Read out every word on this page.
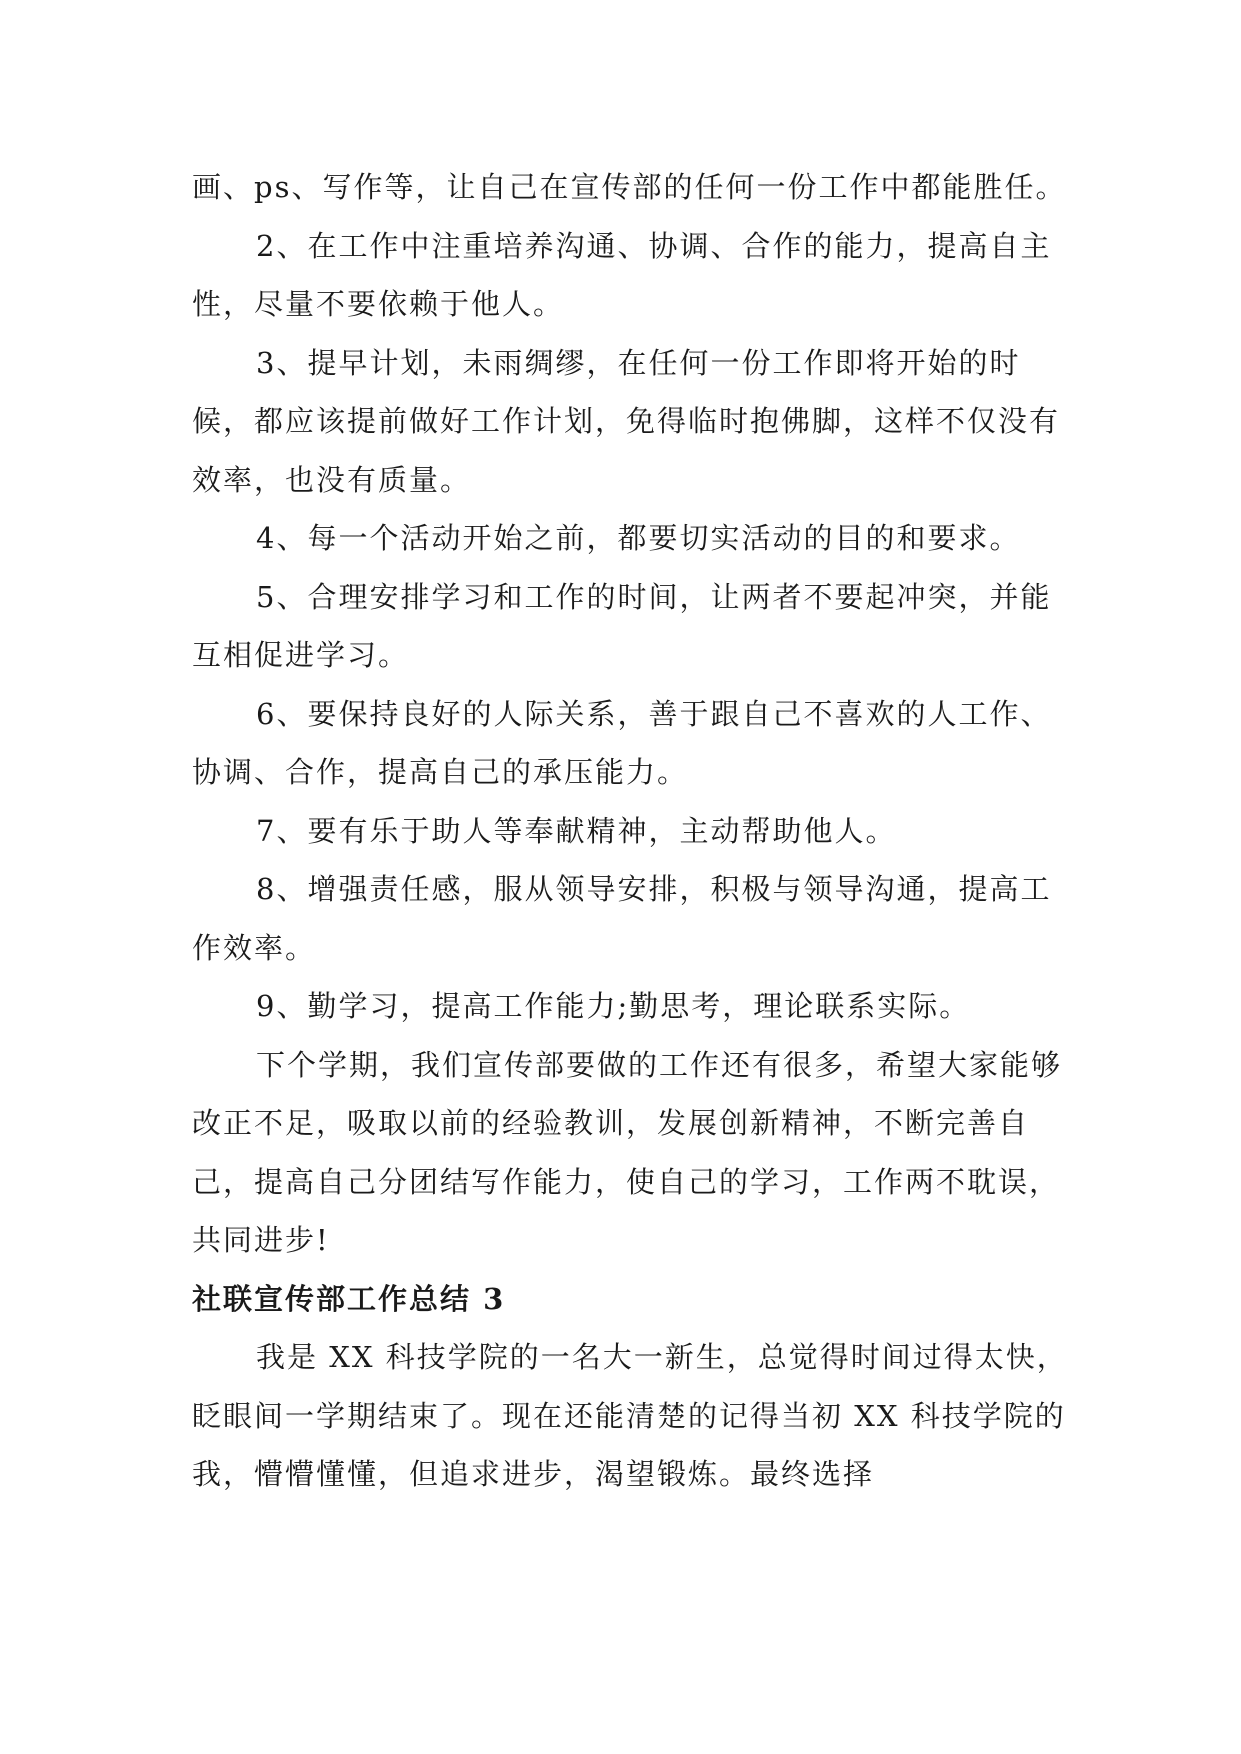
画、ps、写作等，让自己在宣传部的任何一份工作中都能胜任。

2、在工作中注重培养沟通、协调、合作的能力，提高自主性，尽量不要依赖于他人。

3、提早计划，未雨绸缪，在任何一份工作即将开始的时候，都应该提前做好工作计划，免得临时抱佛脚，这样不仅没有效率，也没有质量。

4、每一个活动开始之前，都要切实活动的目的和要求。

5、合理安排学习和工作的时间，让两者不要起冲突，并能互相促进学习。

6、要保持良好的人际关系，善于跟自己不喜欢的人工作、协调、合作，提高自己的承压能力。

7、要有乐于助人等奉献精神，主动帮助他人。

8、增强责任感，服从领导安排，积极与领导沟通，提高工作效率。

9、勤学习，提高工作能力;勤思考，理论联系实际。

下个学期，我们宣传部要做的工作还有很多，希望大家能够改正不足，吸取以前的经验教训，发展创新精神，不断完善自己，提高自己分团结写作能力，使自己的学习，工作两不耽误，共同进步!

社联宣传部工作总结 3

我是 XX 科技学院的一名大一新生，总觉得时间过得太快，眨眼间一学期结束了。现在还能清楚的记得当初 XX 科技学院的我，懵懵懂懂，但追求进步，渴望锻炼。最终选择
